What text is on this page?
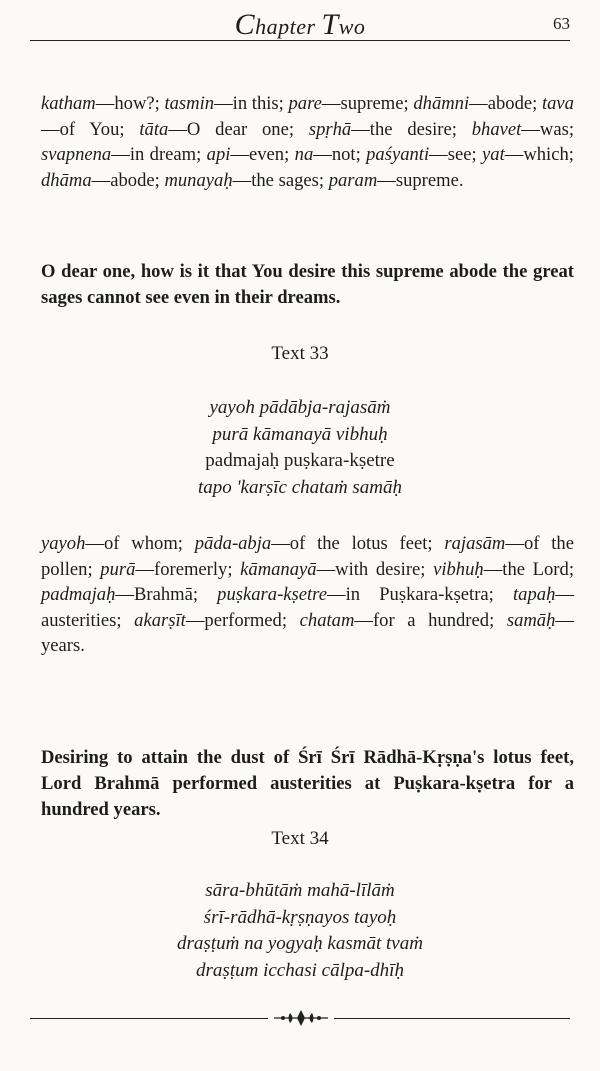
Chapter Two	63
katham—how?; tasmin—in this; pare—supreme; dhāmni—abode; tava—of You; tāta—O dear one; spṛhā—the desire; bhavet—was; svapnena—in dream; api—even; na—not; paśyanti—see; yat—which; dhāma—abode; munayaḥ—the sages; param—supreme.
O dear one, how is it that You desire this supreme abode the great sages cannot see even in their dreams.
Text 33
yayoh pādābja-rajasāṁ
purā kāmanayā vibhuḥ
padmajaḥ puṣkara-kṣetre
tapo 'karṣīc chataṁ samāḥ
yayoh—of whom; pāda-abja—of the lotus feet; rajasām—of the pollen; purā—foremerly; kāmanayā—with desire; vibhuḥ—the Lord; padmajaḥ—Brahmā; puṣkara-kṣetre—in Puṣkara-kṣetra; tapaḥ—austerities; akarṣīt—performed; chatam—for a hundred; samāḥ—years.
Desiring to attain the dust of Śrī Śrī Rādhā-Kṛṣṇa's lotus feet, Lord Brahmā performed austerities at Puṣkara-kṣetra for a hundred years.
Text 34
sāra-bhūtāṁ mahā-līlāṁ
śrī-rādhā-kṛṣṇayos tayoḥ
draṣṭuṁ na yogyaḥ kasmāt tvaṁ
draṣṭum icchasi cālpa-dhīḥ
